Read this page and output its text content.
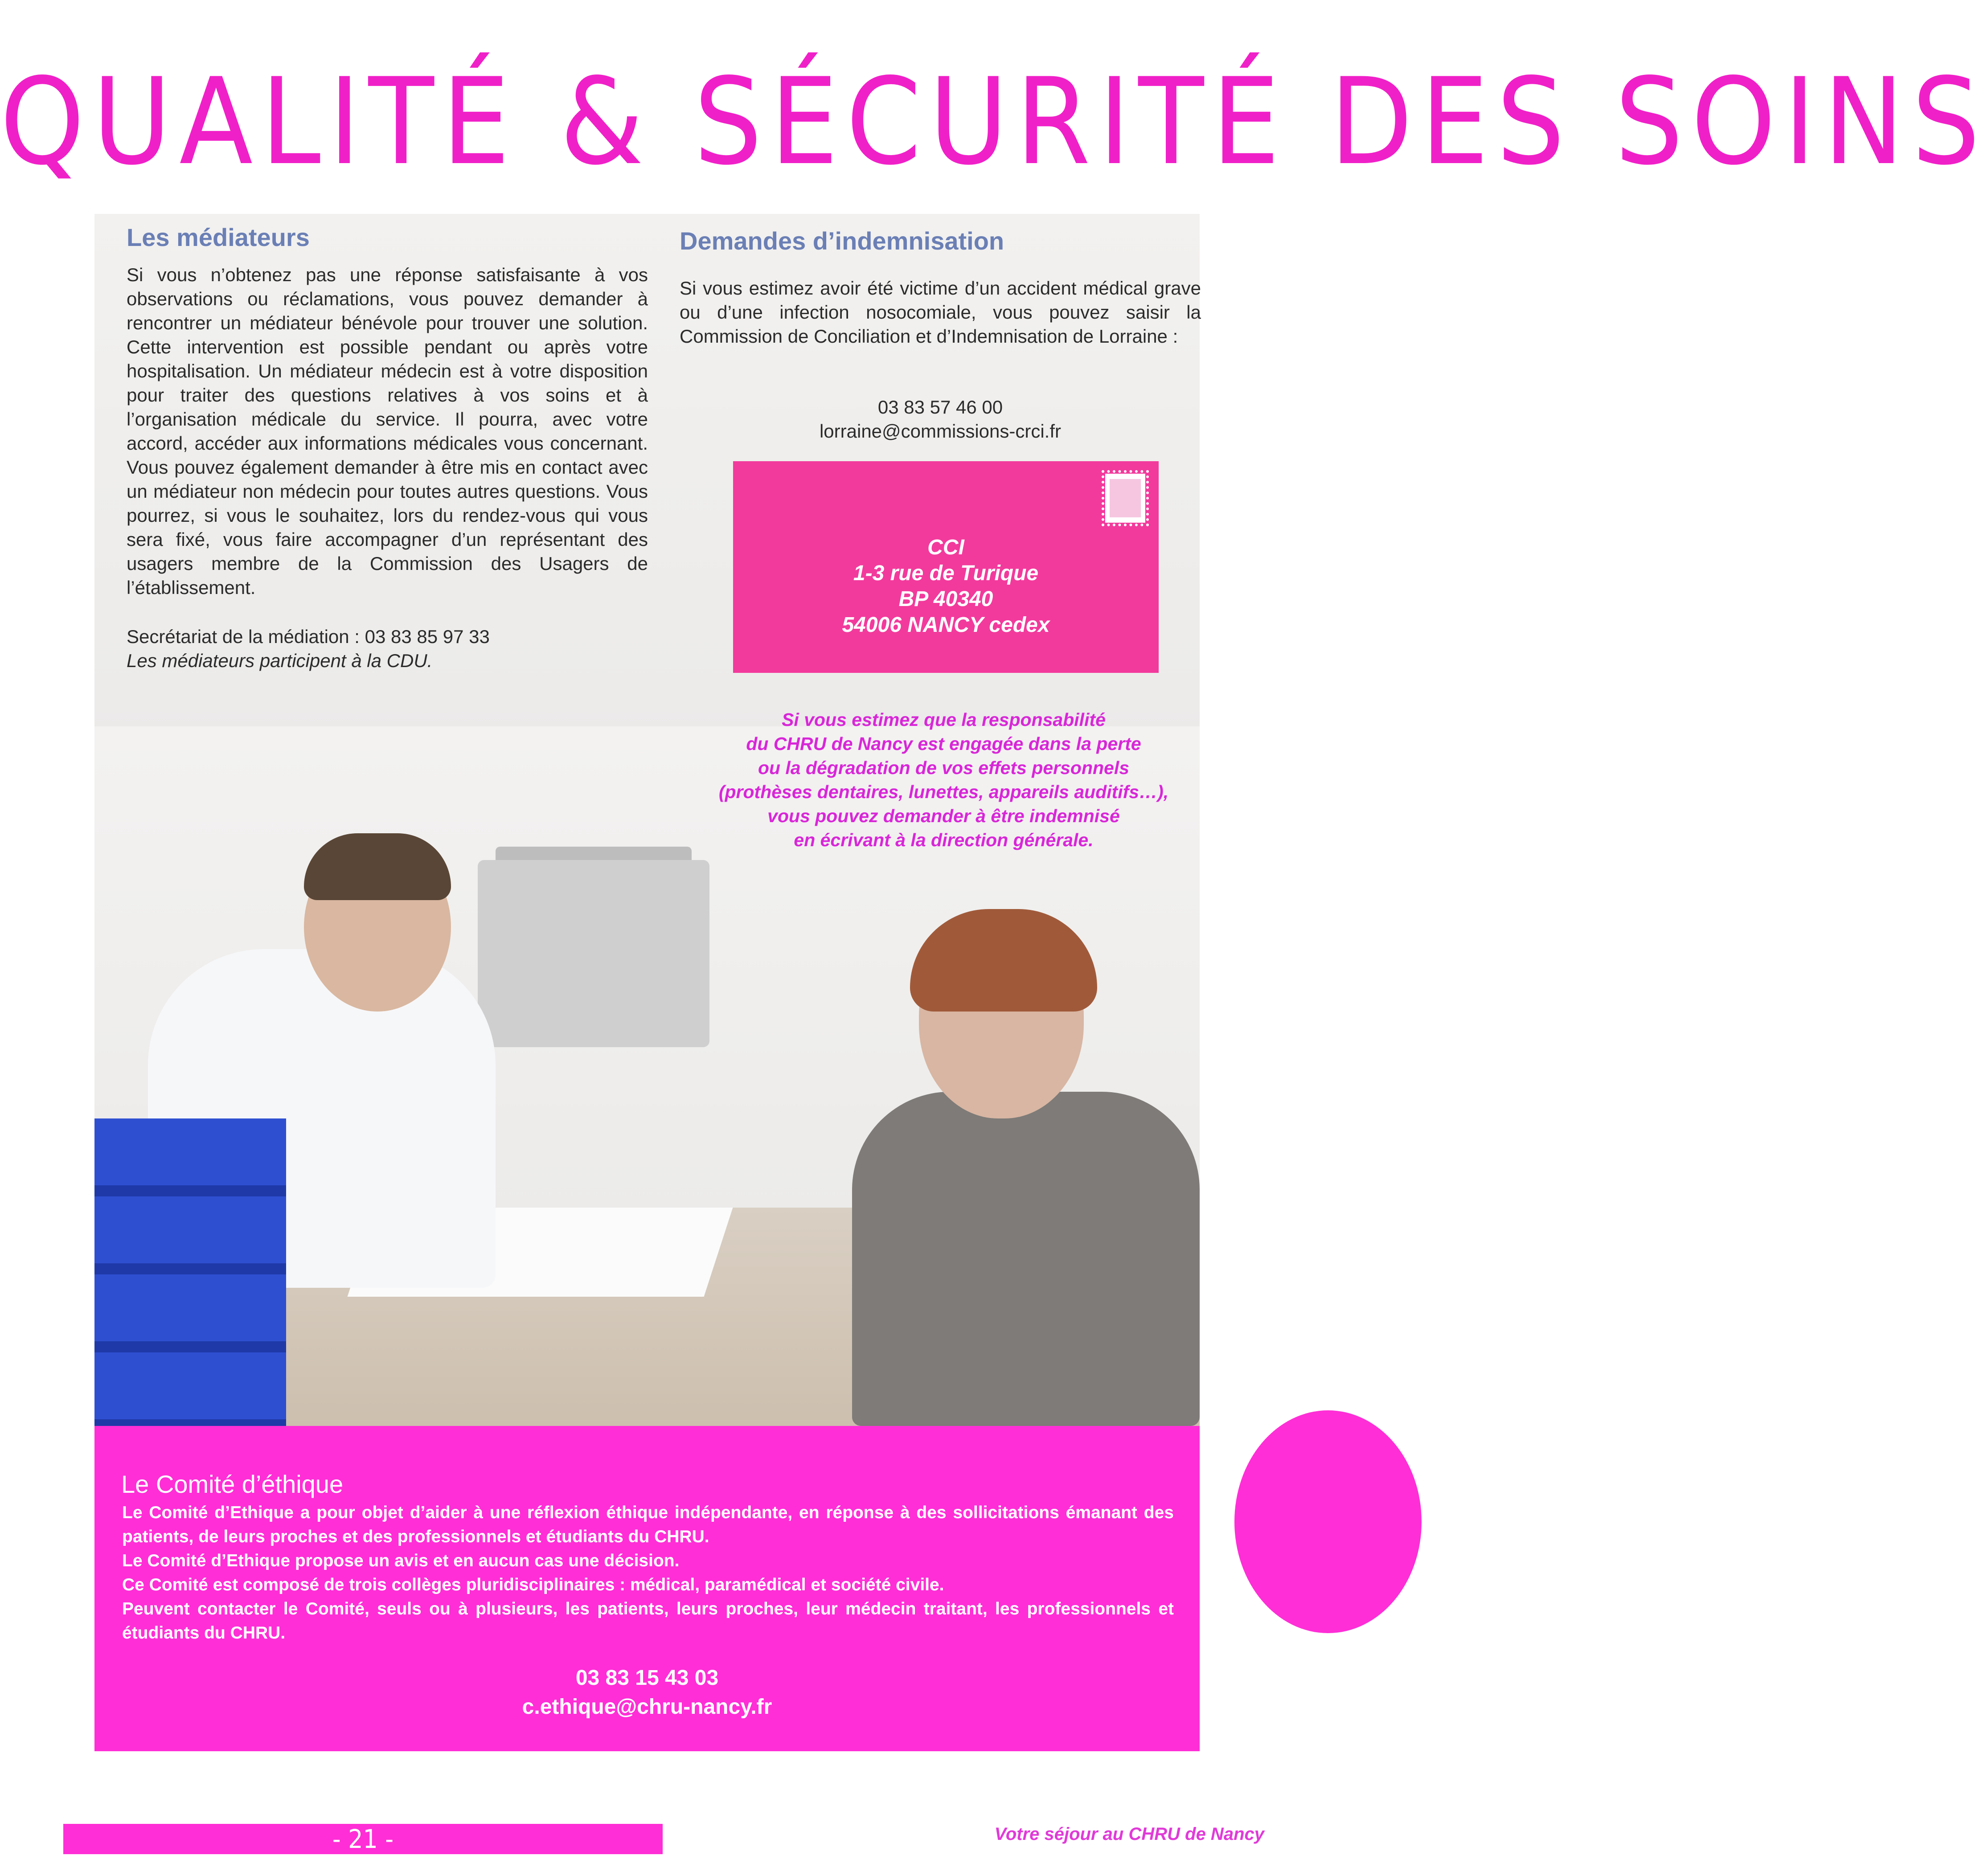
QUALITÉ & SÉCURITÉ DES SOINS
Les médiateurs

Si vous n’obtenez pas une réponse satisfaisante à vos observations ou réclamations, vous pouvez demander à rencontrer un médiateur bénévole pour trouver une solution. Cette intervention est possible pendant ou après votre hospitalisation. Un médiateur médecin est à votre disposition pour traiter des questions relatives à vos soins et à l’organisation médicale du service. Il pourra, avec votre accord, accéder aux informations médicales vous concernant. Vous pouvez également demander à être mis en contact avec un médiateur non médecin pour toutes autres questions. Vous pourrez, si vous le souhaitez, lors du rendez-vous qui vous sera fixé, vous faire accompagner d’un représentant des usagers membre de la Commission des Usagers de l’établissement.

Secrétariat de la médiation : 03 83 85 97 33

Les médiateurs participent à la CDU.

Demandes d’indemnisation

Si vous estimez avoir été victime d’un accident médical grave ou d’une infection nosocomiale, vous pouvez saisir la Commission de Conciliation et d’Indemnisation de Lorraine :

03 83 57 46 00

lorraine@commissions-crci.fr

CCI
1-3 rue de Turique
BP 40340
54006 NANCY cedex
Si vous estimez que la responsabilité
du CHRU de Nancy est engagée dans la perte
ou la dégradation de vos effets personnels
(prothèses dentaires, lunettes, appareils auditifs…),
vous pouvez demander à être indemnisé
en écrivant à la direction générale.
Le Comité d’éthique
Le Comité d’Ethique a pour objet d’aider à une réflexion éthique indépendante, en réponse à des sollicitations émanant des patients, de leurs proches et des professionnels et étudiants du CHRU.
Le Comité d’Ethique propose un avis et en aucun cas une décision.
Ce Comité est composé de trois collèges pluridisciplinaires : médical, paramédical et société civile.
Peuvent contacter le Comité, seuls ou à plusieurs, les patients, leurs proches, leur médecin traitant, les professionnels et étudiants du CHRU.
03 83 15 43 03
c.ethique@chru-nancy.fr
- 21 -	Votre séjour au CHRU de Nancy
